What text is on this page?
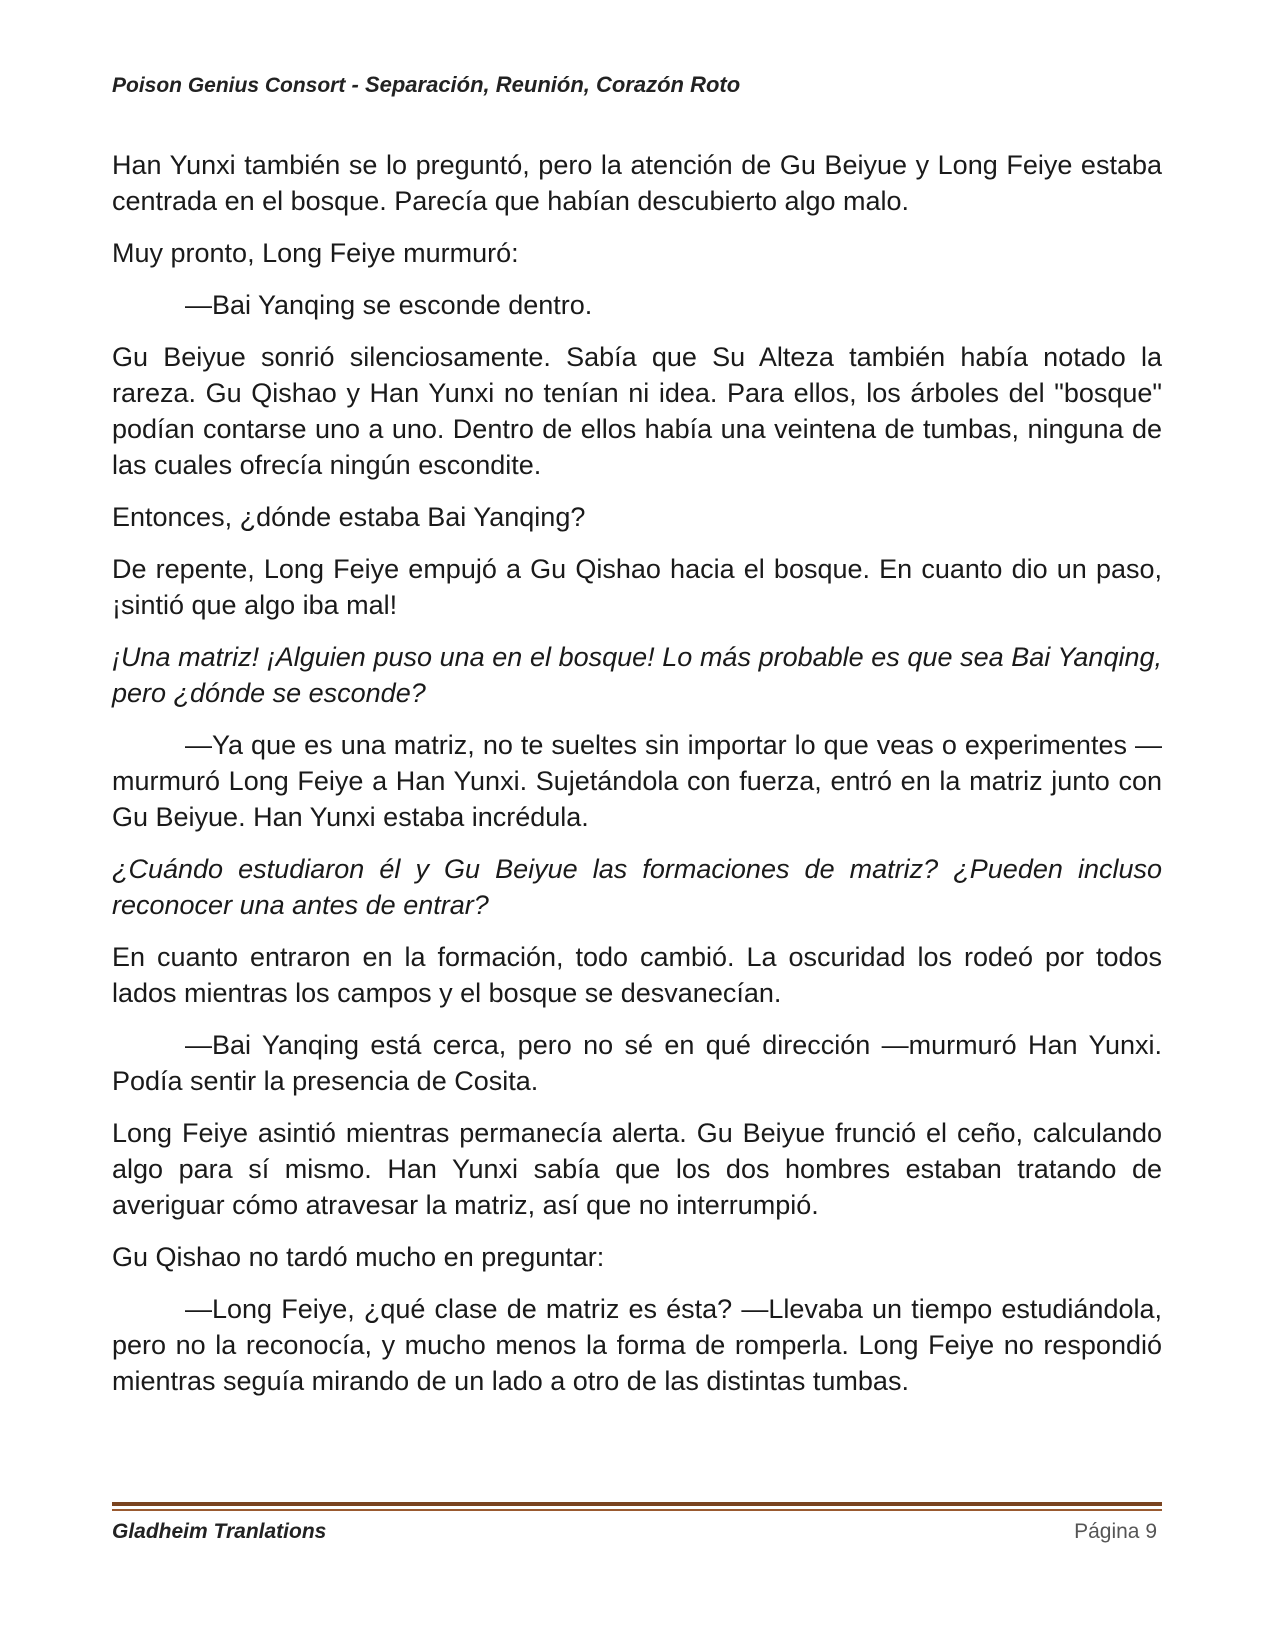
Poison Genius Consort - Separación, Reunión, Corazón Roto

Han Yunxi también se lo preguntó, pero la atención de Gu Beiyue y Long Feiye estaba centrada en el bosque. Parecía que habían descubierto algo malo.

Muy pronto, Long Feiye murmuró:

—Bai Yanqing se esconde dentro.

Gu Beiyue sonrió silenciosamente. Sabía que Su Alteza también había notado la rareza. Gu Qishao y Han Yunxi no tenían ni idea. Para ellos, los árboles del "bosque" podían contarse uno a uno. Dentro de ellos había una veintena de tumbas, ninguna de las cuales ofrecía ningún escondite.

Entonces, ¿dónde estaba Bai Yanqing?

De repente, Long Feiye empujó a Gu Qishao hacia el bosque. En cuanto dio un paso, ¡sintió que algo iba mal!

¡Una matriz! ¡Alguien puso una en el bosque! Lo más probable es que sea Bai Yanqing, pero ¿dónde se esconde?

—Ya que es una matriz, no te sueltes sin importar lo que veas o experimentes —murmuró Long Feiye a Han Yunxi. Sujetándola con fuerza, entró en la matriz junto con Gu Beiyue. Han Yunxi estaba incrédula.

¿Cuándo estudiaron él y Gu Beiyue las formaciones de matriz? ¿Pueden incluso reconocer una antes de entrar?

En cuanto entraron en la formación, todo cambió. La oscuridad los rodeó por todos lados mientras los campos y el bosque se desvanecían.

—Bai Yanqing está cerca, pero no sé en qué dirección —murmuró Han Yunxi. Podía sentir la presencia de Cosita.

Long Feiye asintió mientras permanecía alerta. Gu Beiyue frunció el ceño, calculando algo para sí mismo. Han Yunxi sabía que los dos hombres estaban tratando de averiguar cómo atravesar la matriz, así que no interrumpió.

Gu Qishao no tardó mucho en preguntar:

—Long Feiye, ¿qué clase de matriz es ésta? —Llevaba un tiempo estudiándola, pero no la reconocía, y mucho menos la forma de romperla. Long Feiye no respondió mientras seguía mirando de un lado a otro de las distintas tumbas.

Gladheim Tranlations	Página 9
